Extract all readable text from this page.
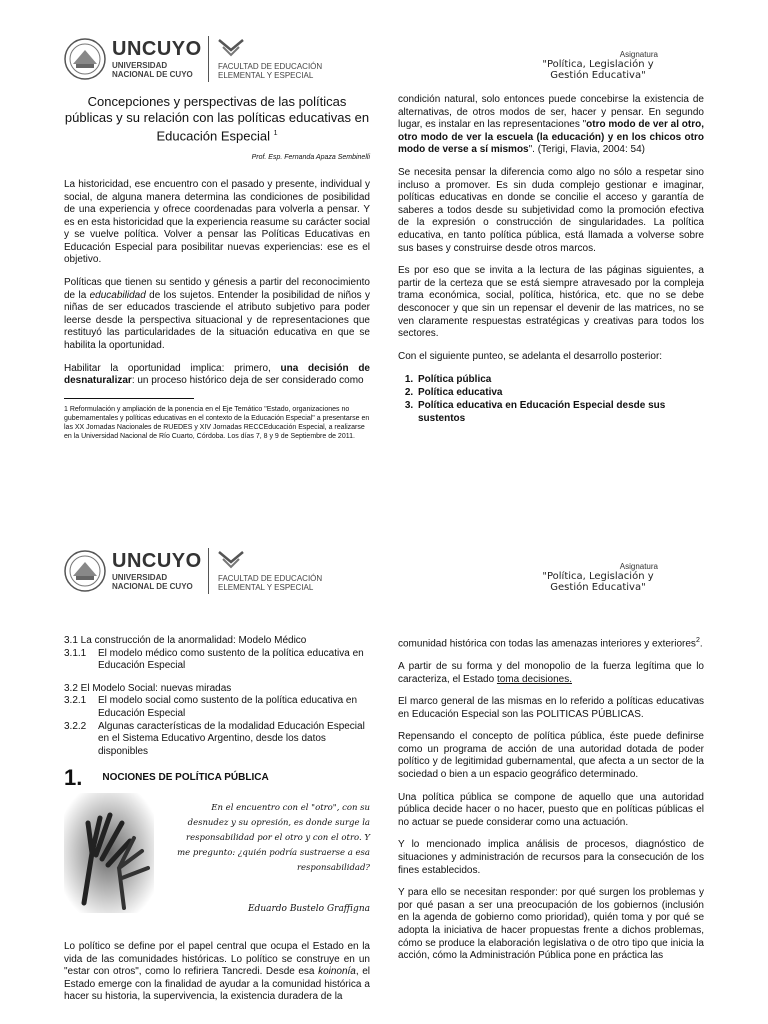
UNCUYO
UNIVERSIDAD
NACIONAL DE CUYO
FACULTAD DE EDUCACIÓN
ELEMENTAL Y ESPECIAL
Asignatura
"Política, Legislación y
Gestión Educativa"
Concepciones y perspectivas de las políticas públicas y su relación con las políticas educativas en Educación Especial $^1$
Prof. Esp. Fernanda Apaza Sembinelli

La historicidad, ese encuentro con el pasado y presente, individual y social, de alguna manera determina las condiciones de posibilidad de una experiencia y ofrece coordenadas para volverla a pensar. Y es en esta historicidad que la experiencia reasume su carácter social y se vuelve política. Volver a pensar las Políticas Educativas en Educación Especial para posibilitar nuevas experiencias: ese es el objetivo.

Políticas que tienen su sentido y génesis a partir del reconocimiento de la educabilidad de los sujetos. Entender la posibilidad de niños y niñas de ser educados trasciende el atributo subjetivo para poder leerse desde la perspectiva situacional y de representaciones que restituyó las particularidades de la situación educativa en que se habilita la oportunidad.

Habilitar la oportunidad implica: primero, una decisión de desnaturalizar: un proceso histórico deja de ser considerado como

1 Reformulación y ampliación de la ponencia en el Eje Temático "Estado, organizaciones no gubernamentales y políticas educativas en el contexto de la Educación Especial" a presentarse en las XX Jornadas Nacionales de RUEDES y XIV Jornadas RECCEducación Especial, a realizarse en la Universidad Nacional de Río Cuarto, Córdoba. Los días 7, 8 y 9 de Septiembre de 2011.

condición natural, solo entonces puede concebirse la existencia de alternativas, de otros modos de ser, hacer y pensar. En segundo lugar, es instalar en las representaciones "otro modo de ver al otro, otro modo de ver la escuela (la educación) y en los chicos otro modo de verse a sí mismos". (Terigi, Flavia, 2004: 54)

Se necesita pensar la diferencia como algo no sólo a respetar sino incluso a promover. Es sin duda complejo gestionar e imaginar, políticas educativas en donde se concilie el acceso y garantía de saberes a todos desde su subjetividad como la promoción efectiva de la expresión o construcción de singularidades. La política educativa, en tanto política pública, está llamada a volverse sobre sus bases y construirse desde otros marcos.

Es por eso que se invita a la lectura de las páginas siguientes, a partir de la certeza que se está siempre atravesado por la compleja trama económica, social, política, histórica, etc. que no se debe desconocer y que sin un repensar el devenir de las matrices, no se ven claramente respuestas estratégicas y creativas para todos los sectores.

Con el siguiente punteo, se adelanta el desarrollo posterior:

1. Política pública
2. Política educativa
3. Política educativa en Educación Especial desde sus sustentos
UNCUYO
UNIVERSIDAD
NACIONAL DE CUYO
FACULTAD DE EDUCACIÓN
ELEMENTAL Y ESPECIAL
Asignatura
"Política, Legislación y
Gestión Educativa"
3.1 La construcción de la anormalidad: Modelo Médico
3.1.1	El modelo médico como sustento de la política educativa en Educación Especial
3.2 El Modelo Social: nuevas miradas
3.2.1	El modelo social como sustento de la política educativa en Educación Especial
3.2.2	Algunas características de la modalidad Educación Especial en el Sistema Educativo Argentino, desde los datos disponibles
1. NOCIONES DE POLÍTICA PÚBLICA
En el encuentro con el "otro", con su desnudez y su opresión, es donde surge la responsabilidad por el otro y con el otro. Y me pregunto: ¿quién podría sustraerse a esa responsabilidad?
Eduardo Bustelo Graffigna

Lo político se define por el papel central que ocupa el Estado en la vida de las comunidades históricas. Lo político se construye en un "estar con otros", como lo refiriera Tancredi. Desde esa koinonía, el Estado emerge con la finalidad de ayudar a la comunidad histórica a hacer su historia, la supervivencia, la existencia duradera de la

comunidad histórica con todas las amenazas interiores y exteriores$^2$.

A partir de su forma y del monopolio de la fuerza legítima que lo caracteriza, el Estado toma decisiones.

El marco general de las mismas en lo referido a políticas educativas en Educación Especial son las POLITICAS PÚBLICAS.

Repensando el concepto de política pública, éste puede definirse como un programa de acción de una autoridad dotada de poder político y de legitimidad gubernamental, que afecta a un sector de la sociedad o bien a un espacio geográfico determinado.

Una política pública se compone de aquello que una autoridad pública decide hacer o no hacer, puesto que en políticas públicas el no actuar se puede considerar como una actuación.

Y lo mencionado implica análisis de procesos, diagnóstico de situaciones y administración de recursos para la consecución de los fines establecidos.

Y para ello se necesitan responder: por qué surgen los problemas y por qué pasan a ser una preocupación de los gobiernos (inclusión en la agenda de gobierno como prioridad), quién toma y por qué se adopta la iniciativa de hacer propuestas frente a dichos problemas, cómo se produce la elaboración legislativa o de otro tipo que inicia la acción, cómo la Administración Pública pone en práctica las
